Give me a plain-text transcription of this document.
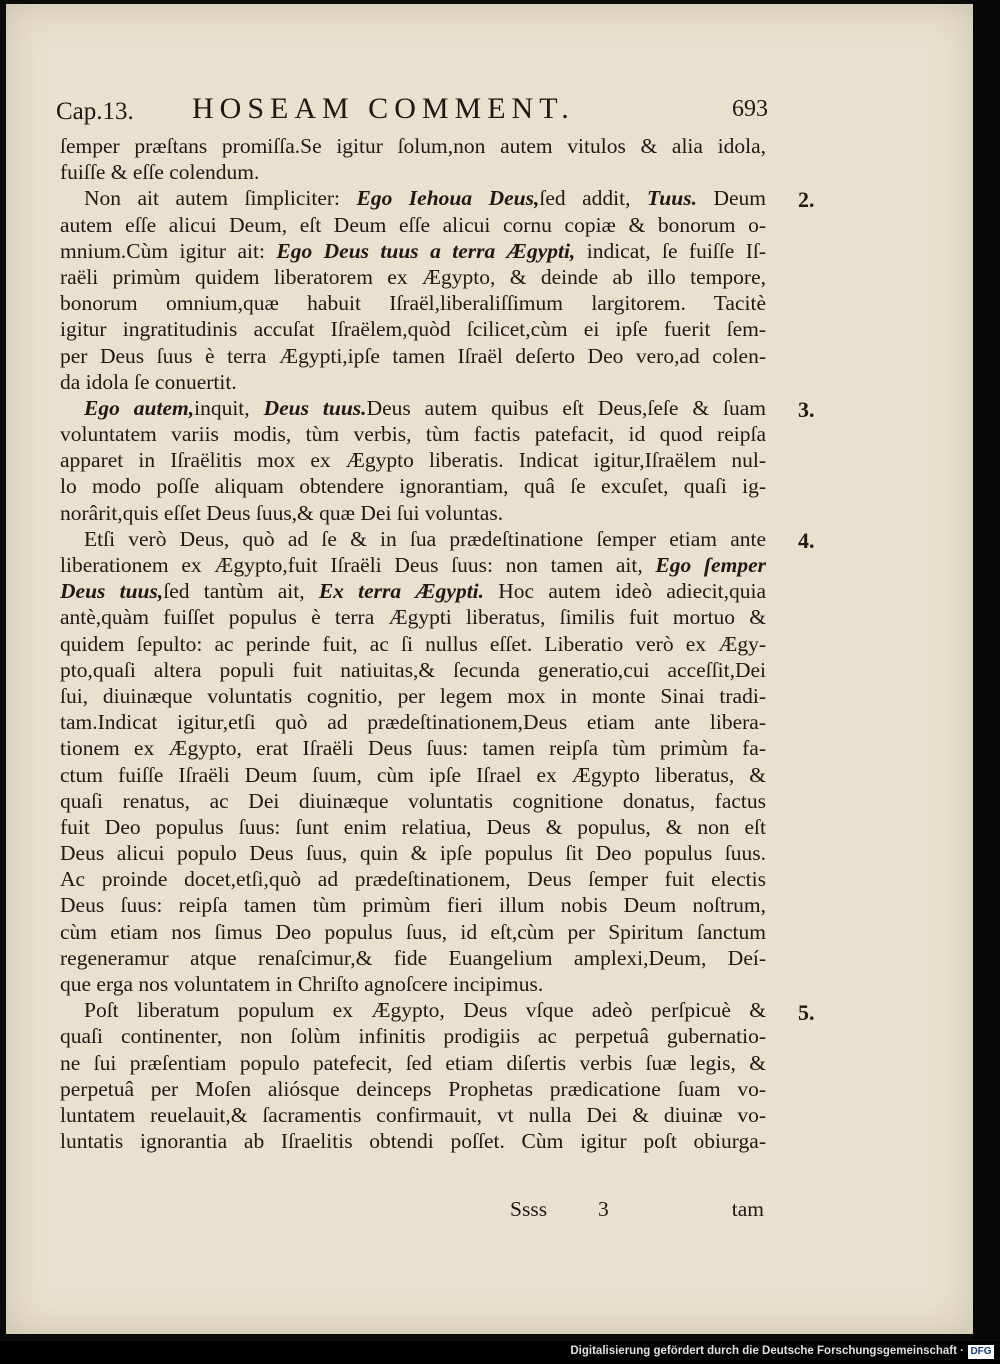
Cap.13. HOSEAM COMMENT.	693
ſemper præſtans promiſſa.Se igitur ſolum,non autem vitulos & alia idola,
fuiſſe & eſſe colendum.
Non ait autem ſimpliciter: Ego Iehoua Deus,ſed addit, Tuus. Deum
autem eſſe alicui Deum, eſt Deum eſſe alicui cornu copiæ & bonorum o-
mnium.Cùm igitur ait: Ego Deus tuus a terra Ægypti, indicat, ſe fuiſſe Iſ-
raëli primùm quidem liberatorem ex Ægypto, & deinde ab illo tempore,
bonorum omnium,quæ habuit Iſraël,liberaliſſimum largitorem. Tacitè
igitur ingratitudinis accuſat Iſraëlem,quòd ſcilicet,cùm ei ipſe fuerit ſem-
per Deus ſuus è terra Ægypti,ipſe tamen Iſraël deſerto Deo vero,ad colen-
da idola ſe conuertit.
Ego autem,inquit, Deus tuus.Deus autem quibus eſt Deus,ſeſe & ſuam
voluntatem variis modis, tùm verbis, tùm factis patefacit, id quod reipſa
apparet in Iſraëlitis mox ex Ægypto liberatis. Indicat igitur,Iſraëlem nul-
lo modo poſſe aliquam obtendere ignorantiam, quâ ſe excuſet, quaſi ig-
norârit,quis eſſet Deus ſuus,& quæ Dei ſui voluntas.
Etſi verò Deus, quò ad ſe & in ſua prædeſtinatione ſemper etiam ante
liberationem ex Ægypto,fuit Iſraëli Deus ſuus: non tamen ait, Ego ſemper
Deus tuus,ſed tantùm ait, Ex terra Ægypti. Hoc autem ideò adiecit,quia
antè,quàm fuiſſet populus è terra Ægypti liberatus, ſimilis fuit mortuo &
quidem ſepulto: ac perinde fuit, ac ſi nullus eſſet. Liberatio verò ex Ægy-
pto,quaſi altera populi fuit natiuitas,& ſecunda generatio,cui acceſſit,Dei
ſui, diuinæque voluntatis cognitio, per legem mox in monte Sinai tradi-
tam.Indicat igitur,etſi quò ad prædeſtinationem,Deus etiam ante libera-
tionem ex Ægypto, erat Iſraëli Deus ſuus: tamen reipſa tùm primùm fa-
ctum fuiſſe Iſraëli Deum ſuum, cùm ipſe Iſrael ex Ægypto liberatus, &
quaſi renatus, ac Dei diuinæque voluntatis cognitione donatus, factus
fuit Deo populus ſuus: ſunt enim relatiua, Deus & populus, & non eſt
Deus alicui populo Deus ſuus, quin & ipſe populus ſit Deo populus ſuus.
Ac proinde docet,etſi,quò ad prædeſtinationem, Deus ſemper fuit electis
Deus ſuus: reipſa tamen tùm primùm fieri illum nobis Deum noſtrum,
cùm etiam nos ſimus Deo populus ſuus, id eſt,cùm per Spiritum ſanctum
regeneramur atque renaſcimur,& fide Euangelium amplexi,Deum, Deí-
que erga nos voluntatem in Chriſto agnoſcere incipimus.
Poſt liberatum populum ex Ægypto, Deus vſque adeò perſpicuè &
quaſi continenter, non ſolùm infinitis prodigiis ac perpetuâ gubernatio-
ne ſui præſentiam populo patefecit, ſed etiam diſertis verbis ſuæ legis, &
perpetuâ per Moſen aliósque deinceps Prophetas prædicatione ſuam vo-
luntatem reuelauit,& ſacramentis confirmauit, vt nulla Dei & diuinæ vo-
luntatis ignorantia ab Iſraelitis obtendi poſſet. Cùm igitur poſt obiurga-
2.
3.
4.
5.
Ssss 3	tam
Digitalisierung gefördert durch die Deutsche Forschungsgemeinschaft · DFG
